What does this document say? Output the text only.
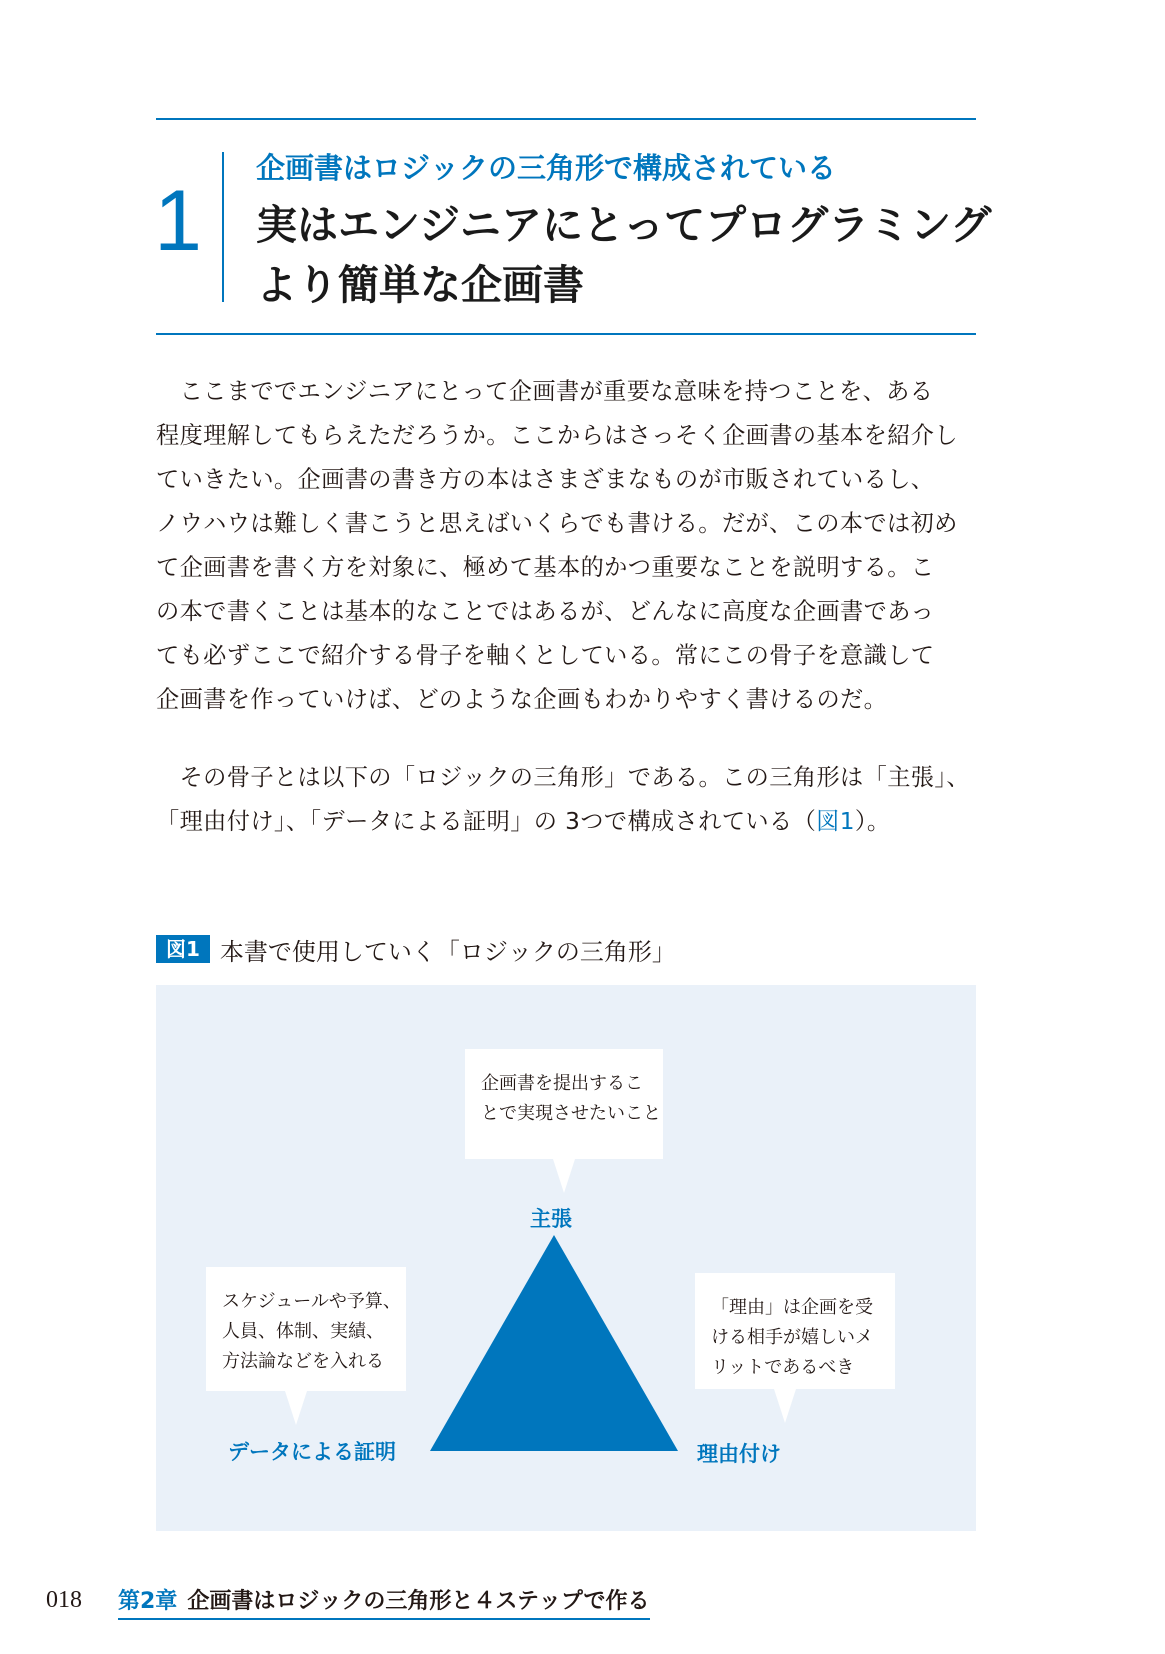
1
企画書はロジックの三角形で構成されている
実はエンジニアにとってプログラミング
より簡単な企画書

　ここまででエンジニアにとって企画書が重要な意味を持つことを、ある

程度理解してもらえただろうか。ここからはさっそく企画書の基本を紹介し

ていきたい。企画書の書き方の本はさまざまなものが市販されているし、

ノウハウは難しく書こうと思えばいくらでも書ける。だが、この本では初め

て企画書を書く方を対象に、極めて基本的かつ重要なことを説明する。こ

の本で書くことは基本的なことではあるが、どんなに高度な企画書であっ

ても必ずここで紹介する骨子を軸くとしている。常にこの骨子を意識して

企画書を作っていけば、どのような企画もわかりやすく書けるのだ。

　その骨子とは以下の「ロジックの三角形」である。この三角形は「主張」、

「理由付け」、「データによる証明」の 3つで構成されている（図1）。

図1 本書で使用していく「ロジックの三角形」
企画書を提出するこ
とで実現させたいこと
主張
スケジュールや予算、
人員、体制、実績、
方法論などを入れる
「理由」は企画を受
ける相手が嬉しいメ
リットであるべき
データによる証明	理由付け
018 第2章 企画書はロジックの三角形と４ステップで作る
